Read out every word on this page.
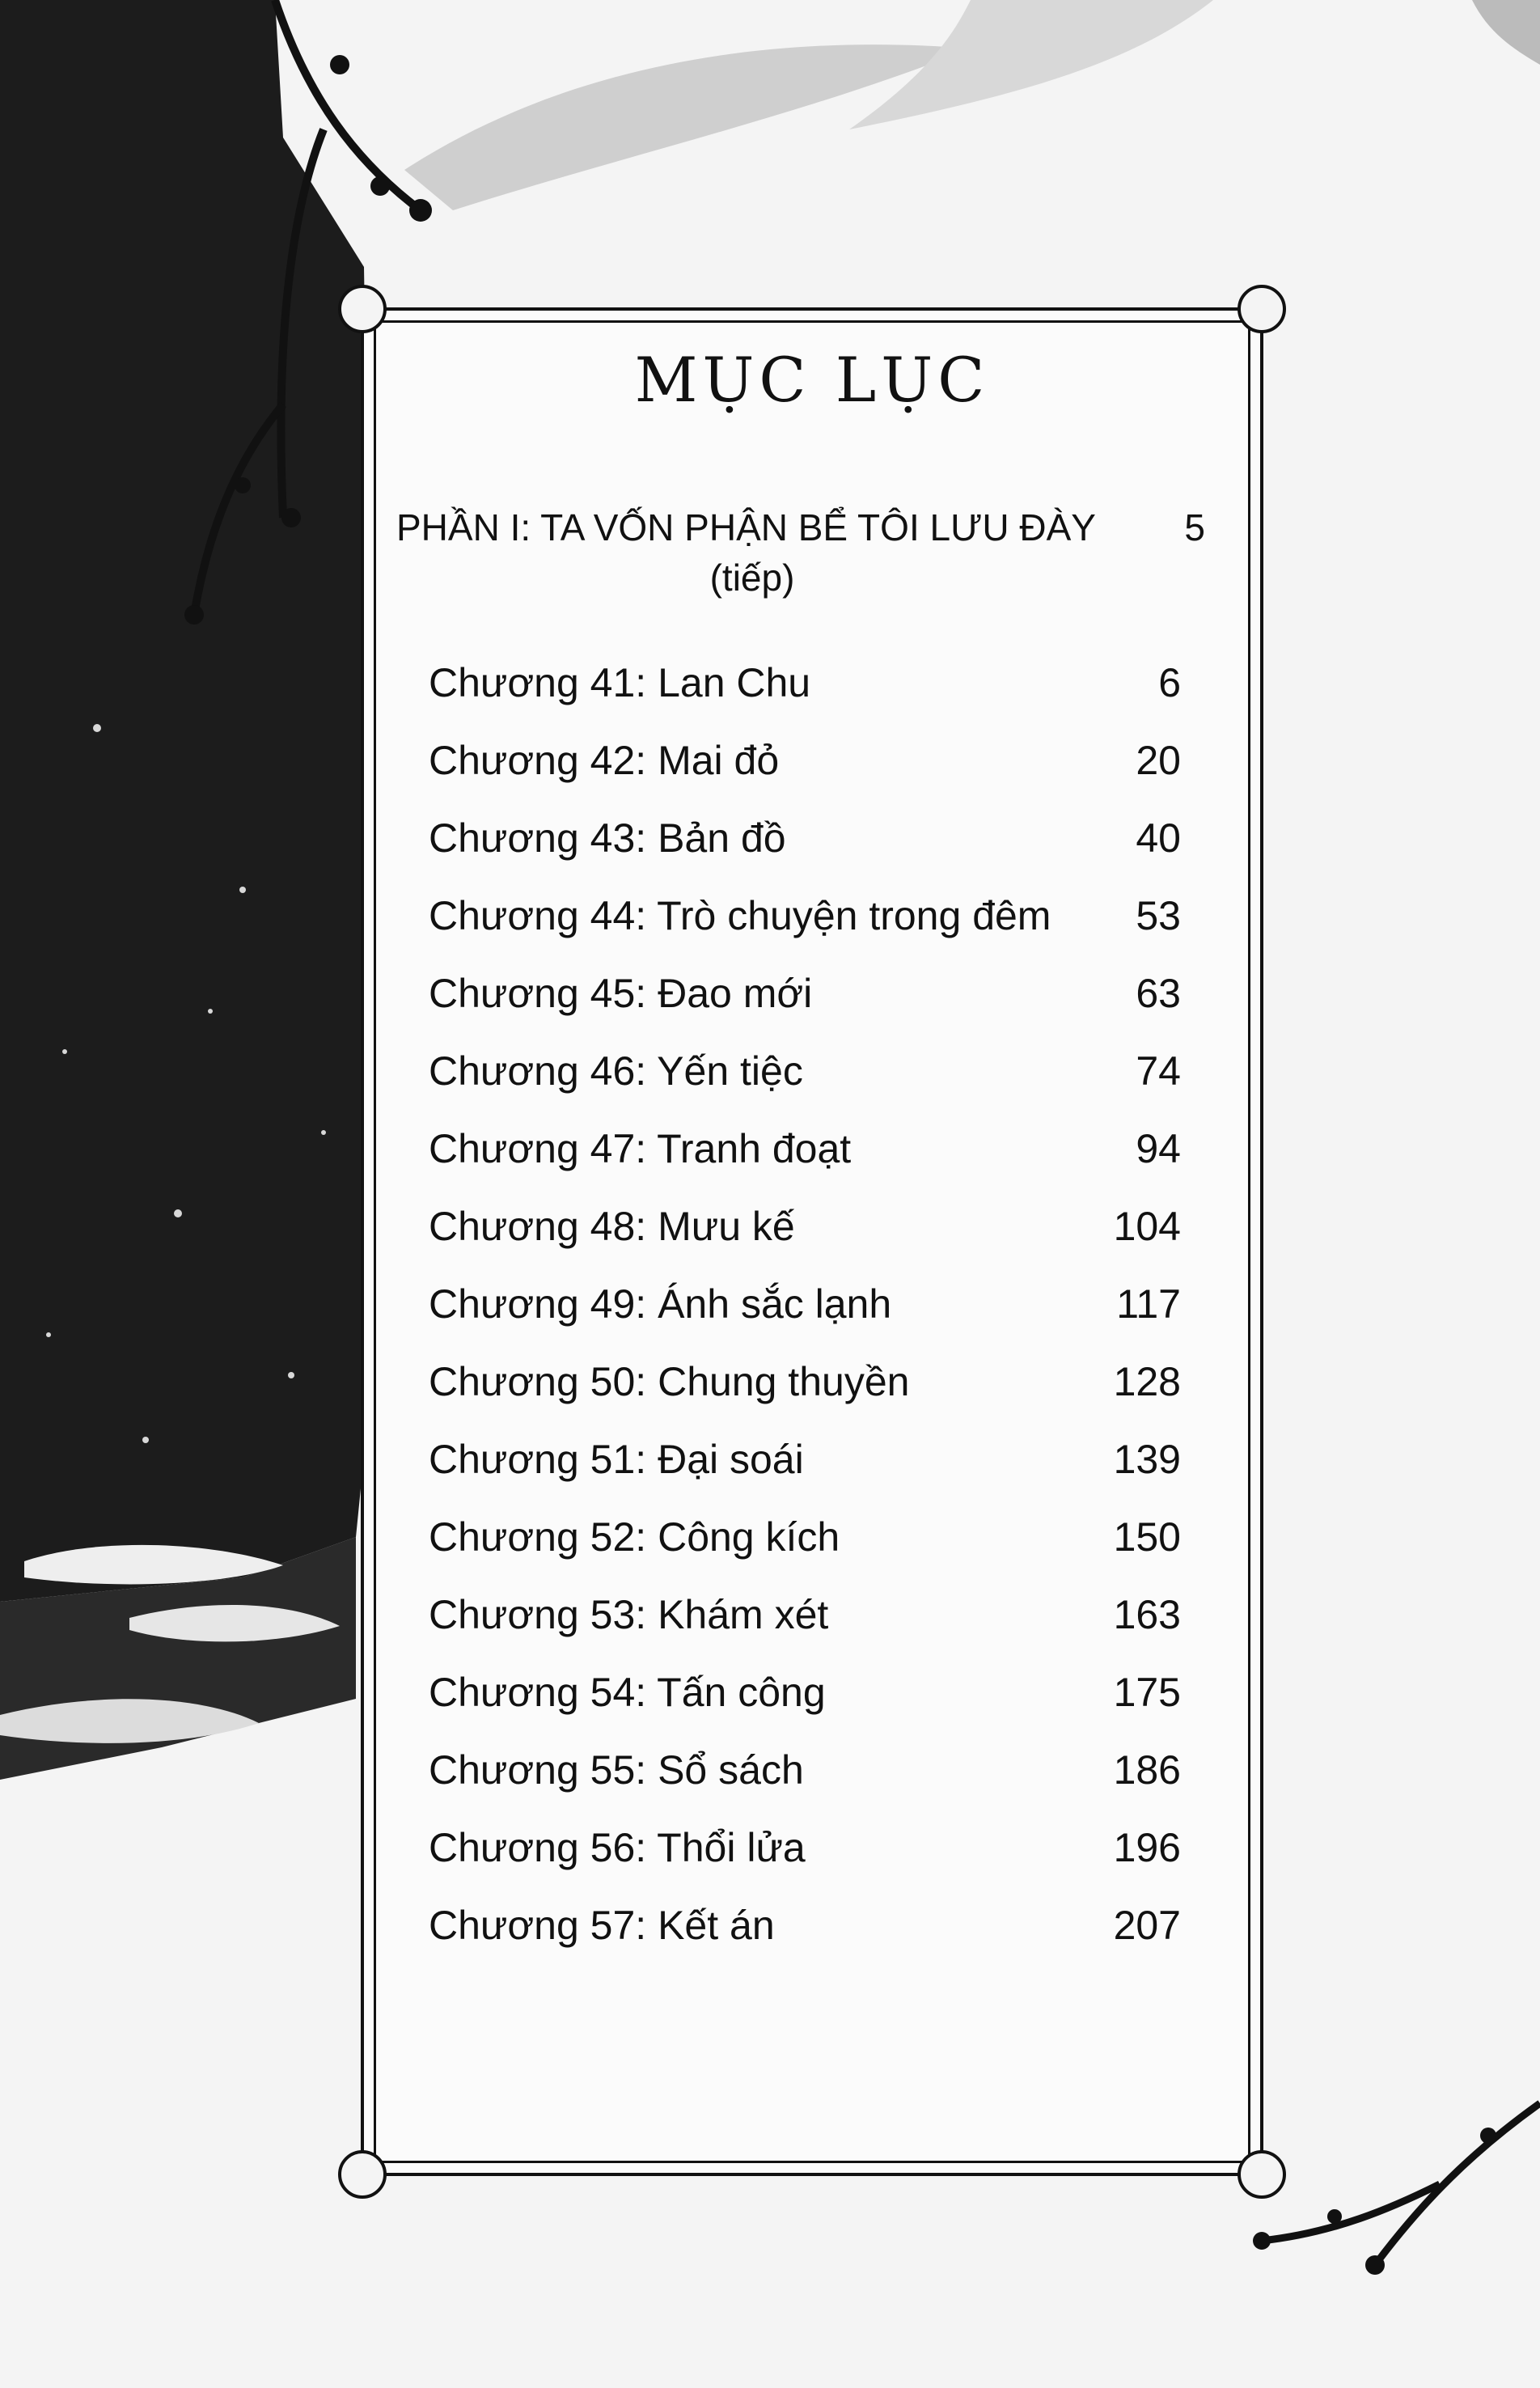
MỤC LỤC
PHẦN I: TA VỐN PHẬN BỂ TÔI LƯU ĐÀY 5
(tiếp)
Chương 41: Lan Chu	6
Chương 42: Mai đỏ	20
Chương 43: Bản đồ	40
Chương 44: Trò chuyện trong đêm 53
Chương 45: Đao mới	63
Chương 46: Yến tiệc	74
Chương 47: Tranh đoạt	94
Chương 48: Mưu kế	104
Chương 49: Ánh sắc lạnh	117
Chương 50: Chung thuyền	128
Chương 51: Đại soái	139
Chương 52: Công kích	150
Chương 53: Khám xét	163
Chương 54: Tấn công	175
Chương 55: Sổ sách	186
Chương 56: Thổi lửa	196
Chương 57: Kết án	207
